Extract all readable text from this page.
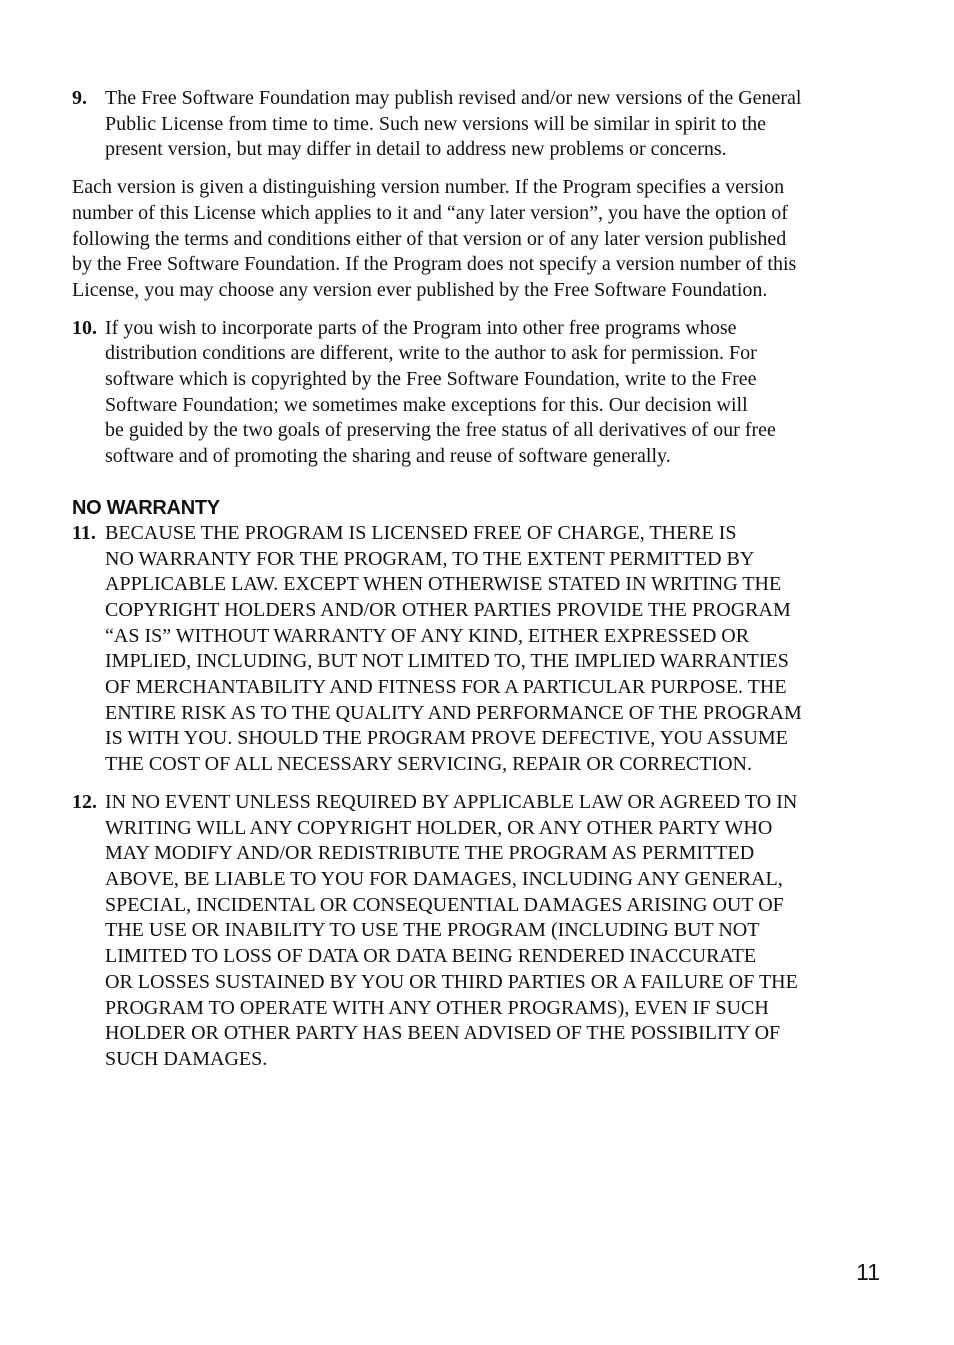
9. The Free Software Foundation may publish revised and/or new versions of the General
Public License from time to time. Such new versions will be similar in spirit to the
present version, but may differ in detail to address new problems or concerns.

Each version is given a distinguishing version number. If the Program specifies a version
number of this License which applies to it and “any later version”, you have the option of
following the terms and conditions either of that version or of any later version published
by the Free Software Foundation. If the Program does not specify a version number of this
License, you may choose any version ever published by the Free Software Foundation.

10. If you wish to incorporate parts of the Program into other free programs whose
distribution conditions are different, write to the author to ask for permission. For
software which is copyrighted by the Free Software Foundation, write to the Free
Software Foundation; we sometimes make exceptions for this. Our decision will
be guided by the two goals of preserving the free status of all derivatives of our free
software and of promoting the sharing and reuse of software generally.
NO WARRANTY
11. BECAUSE THE PROGRAM IS LICENSED FREE OF CHARGE, THERE IS
NO WARRANTY FOR THE PROGRAM, TO THE EXTENT PERMITTED BY
APPLICABLE LAW. EXCEPT WHEN OTHERWISE STATED IN WRITING THE
COPYRIGHT HOLDERS AND/OR OTHER PARTIES PROVIDE THE PROGRAM
“AS IS” WITHOUT WARRANTY OF ANY KIND, EITHER EXPRESSED OR
IMPLIED, INCLUDING, BUT NOT LIMITED TO, THE IMPLIED WARRANTIES
OF MERCHANTABILITY AND FITNESS FOR A PARTICULAR PURPOSE. THE
ENTIRE RISK AS TO THE QUALITY AND PERFORMANCE OF THE PROGRAM
IS WITH YOU. SHOULD THE PROGRAM PROVE DEFECTIVE, YOU ASSUME
THE COST OF ALL NECESSARY SERVICING, REPAIR OR CORRECTION.
12. IN NO EVENT UNLESS REQUIRED BY APPLICABLE LAW OR AGREED TO IN
WRITING WILL ANY COPYRIGHT HOLDER, OR ANY OTHER PARTY WHO
MAY MODIFY AND/OR REDISTRIBUTE THE PROGRAM AS PERMITTED
ABOVE, BE LIABLE TO YOU FOR DAMAGES, INCLUDING ANY GENERAL,
SPECIAL, INCIDENTAL OR CONSEQUENTIAL DAMAGES ARISING OUT OF
THE USE OR INABILITY TO USE THE PROGRAM (INCLUDING BUT NOT
LIMITED TO LOSS OF DATA OR DATA BEING RENDERED INACCURATE
OR LOSSES SUSTAINED BY YOU OR THIRD PARTIES OR A FAILURE OF THE
PROGRAM TO OPERATE WITH ANY OTHER PROGRAMS), EVEN IF SUCH
HOLDER OR OTHER PARTY HAS BEEN ADVISED OF THE POSSIBILITY OF
SUCH DAMAGES.
11
